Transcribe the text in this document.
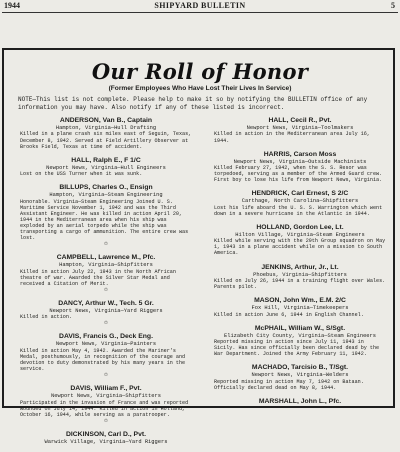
1944	SHIPYARD BULLETIN	5
Our Roll of Honor
(Former Employees Who Have Lost Their Lives In Service)
NOTE—This list is not complete. Please help to make it so by notifying the BULLETIN office of any information you may have. Also notify if any of these listed is incorrect.
ANDERSON, Van B., Captain
Hampton, Virginia—Hull Drafting
Killed in a plane crash six miles east of Seguin, Texas, December 8, 1942. Served at Field Artillery Observer at Brooks Field, Texas at time of accident.
HALL, Ralph E., F 1/C
Newport News, Virginia—Hull Engineers
Lost on the USS Turner when it was sunk.
BILLUPS, Charles O., Ensign
Hampton, Virginia—Steam Engineering
Honorable. Virginia—Steam Engineering Joined U. S. Maritime Service November 1, 1942 and was the Third Assistant Engineer. He was killed in action April 20, 1944 in the Mediterranean area when his ship was exploded by an aerial torpedo while the ship was transporting a cargo of ammunition. The entire crew was lost.
✩
CAMPBELL, Lawrence M., Pfc.
Hampton, Virginia—Shipfitters
Killed in action July 22, 1943 in the North African theatre of war. Awarded the Silver Star Medal and received a Citation of Merit.
✩
DANCY, Arthur W., Tech. 5 Gr.
Newport News, Virginia—Yard Riggers
Killed in action.
✩
DAVIS, Francis G., Deck Eng.
Newport News, Virginia—Painters
Killed in action May 4, 1942. Awarded the Mariner's Medal, posthumously, in recognition of the courage and devotion to duty demonstrated by his many years in the service.
✩
DAVIS, William F., Pvt.
Newport News, Virginia—Shipfitters
Participated in the invasion of France and was reported wounded on July 14, 1944. Killed in action in Holland, October 16, 1944, while serving as a paratrooper.
✩
DICKINSON, Carl D., Pvt.
Warwick Village, Virginia—Yard Riggers
HALL, Cecil R., Pvt.
Newport News, Virginia—Toolmakers
Killed in action in the Mediterranean area July 16, 1944.
HARRIS, Carson Moss
Newport News, Virginia—Outside Machinists
Killed February 27, 1942, when the S. S. Resor was torpedoed, serving as a member of the Armed Guard crew. First boy to lose his life from Newport News, Virginia.
HENDRICK, Carl Ernest, S 2/C
Carthage, North Carolina—Shipfitters
Lost his life aboard the U. S. S. Warrington which went down in a severe hurricane in the Atlantic in 1944.
HOLLAND, Gordon Lee, Lt.
Hilton Village, Virginia—Steam Engineers
Killed while serving with the 29th Group squadron on May 1, 1943 in a plane accident while on a mission to South America.
JENKINS, Arthur, Jr., Lt.
Phoebus, Virginia—Shipfitters
Killed on July 26, 1944 in a training flight over Wales. Parents pilot.
MASON, John Wm., E.M. 2/C
Fox Hill, Virginia—Timekeepers
Killed in action June 6, 1944 in English Channel.
McPHAIL, William W., S/Sgt.
Elizabeth City County, Virginia—Steam Engineers
Reported missing in action since July 11, 1943 in Sicily. Has since officially been declared dead by the War Department. Joined the Army February 11, 1942.
MACHADO, Tarcisio B., T/Sgt.
Newport News, Virginia—Welders
Reported missing in action May 7, 1942 on Bataan. Officially declared dead on May 8, 1944.
MARSHALL, John L., Pfc.
